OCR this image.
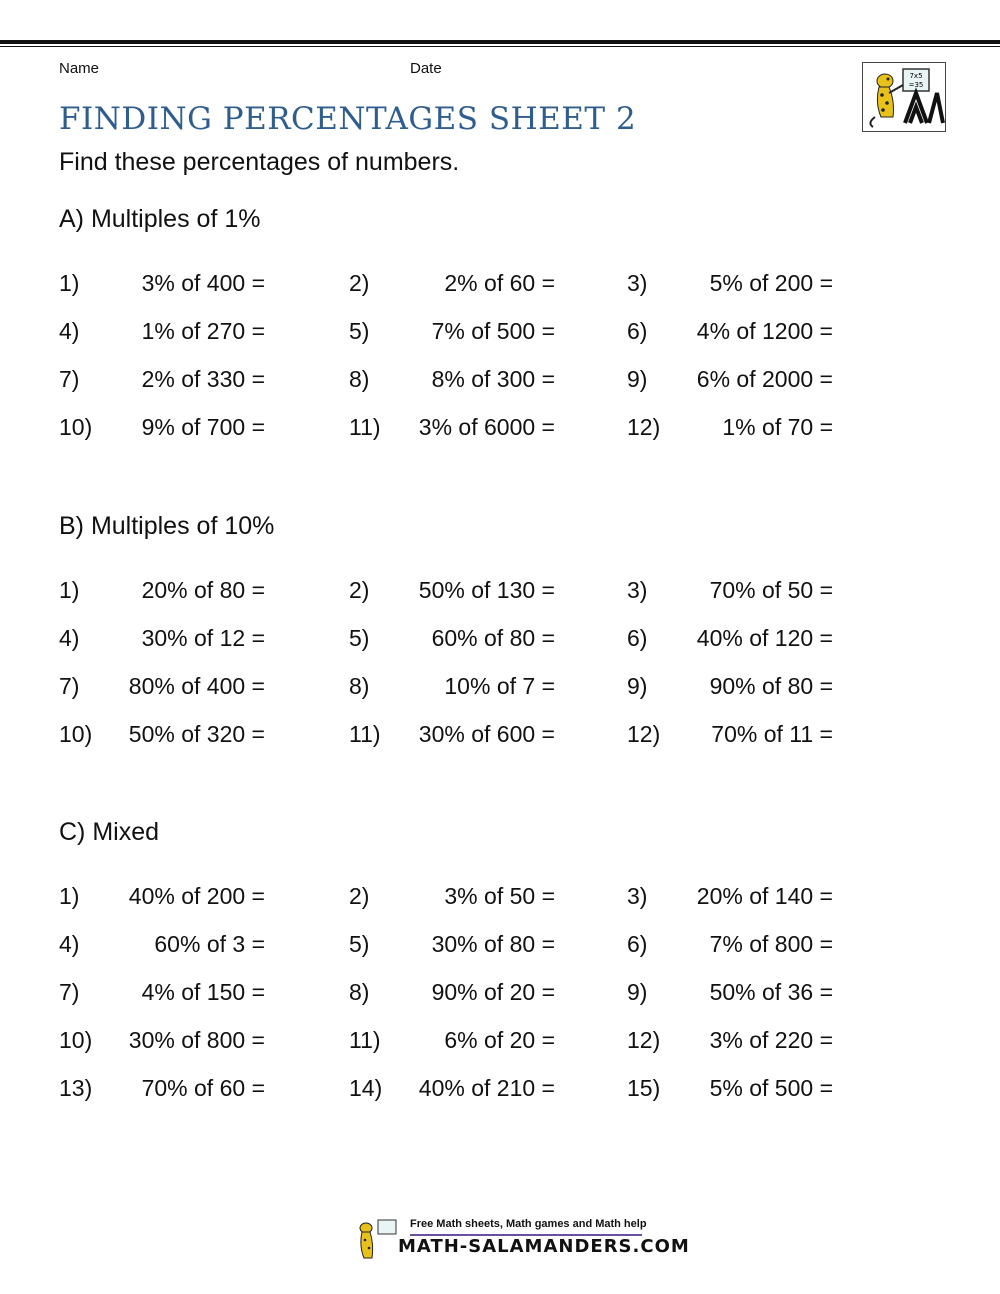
Name	Date	7x5
=35
FINDING PERCENTAGES SHEET 2
Find these percentages of numbers.
A) Multiples of 1%
1)	3% of 400 =	2)	2% of 60 =	3)	5% of 200 =
4)	1% of 270 =	5)	7% of 500 =	6)	4% of 1200 =
7)	2% of 330 =	8)	8% of 300 =	9)	6% of 2000 =
10)	9% of 700 =	11)	3% of 6000 =	12)	1% of 70 =
B) Multiples of 10%
1)	20% of 80 =	2)	50% of 130 =	3)	70% of 50 =
4)	30% of 12 =	5)	60% of 80 =	6)	40% of 120 =
7)	80% of 400 =	8)	10% of 7 =	9)	90% of 80 =
10)	50% of 320 =	11)	30% of 600 =	12)	70% of 11 =
C) Mixed
1)	40% of 200 =	2)	3% of 50 =	3)	20% of 140 =
4)	60% of 3 =	5)	30% of 80 =	6)	7% of 800 =
7)	4% of 150 =	8)	90% of 20 =	9)	50% of 36 =
10)	30% of 800 =	11)	6% of 20 =	12)	3% of 220 =
13)	70% of 60 =	14)	40% of 210 =	15)	5% of 500 =
Free Math sheets, Math games and Math help
MATH-SALAMANDERS.COM
